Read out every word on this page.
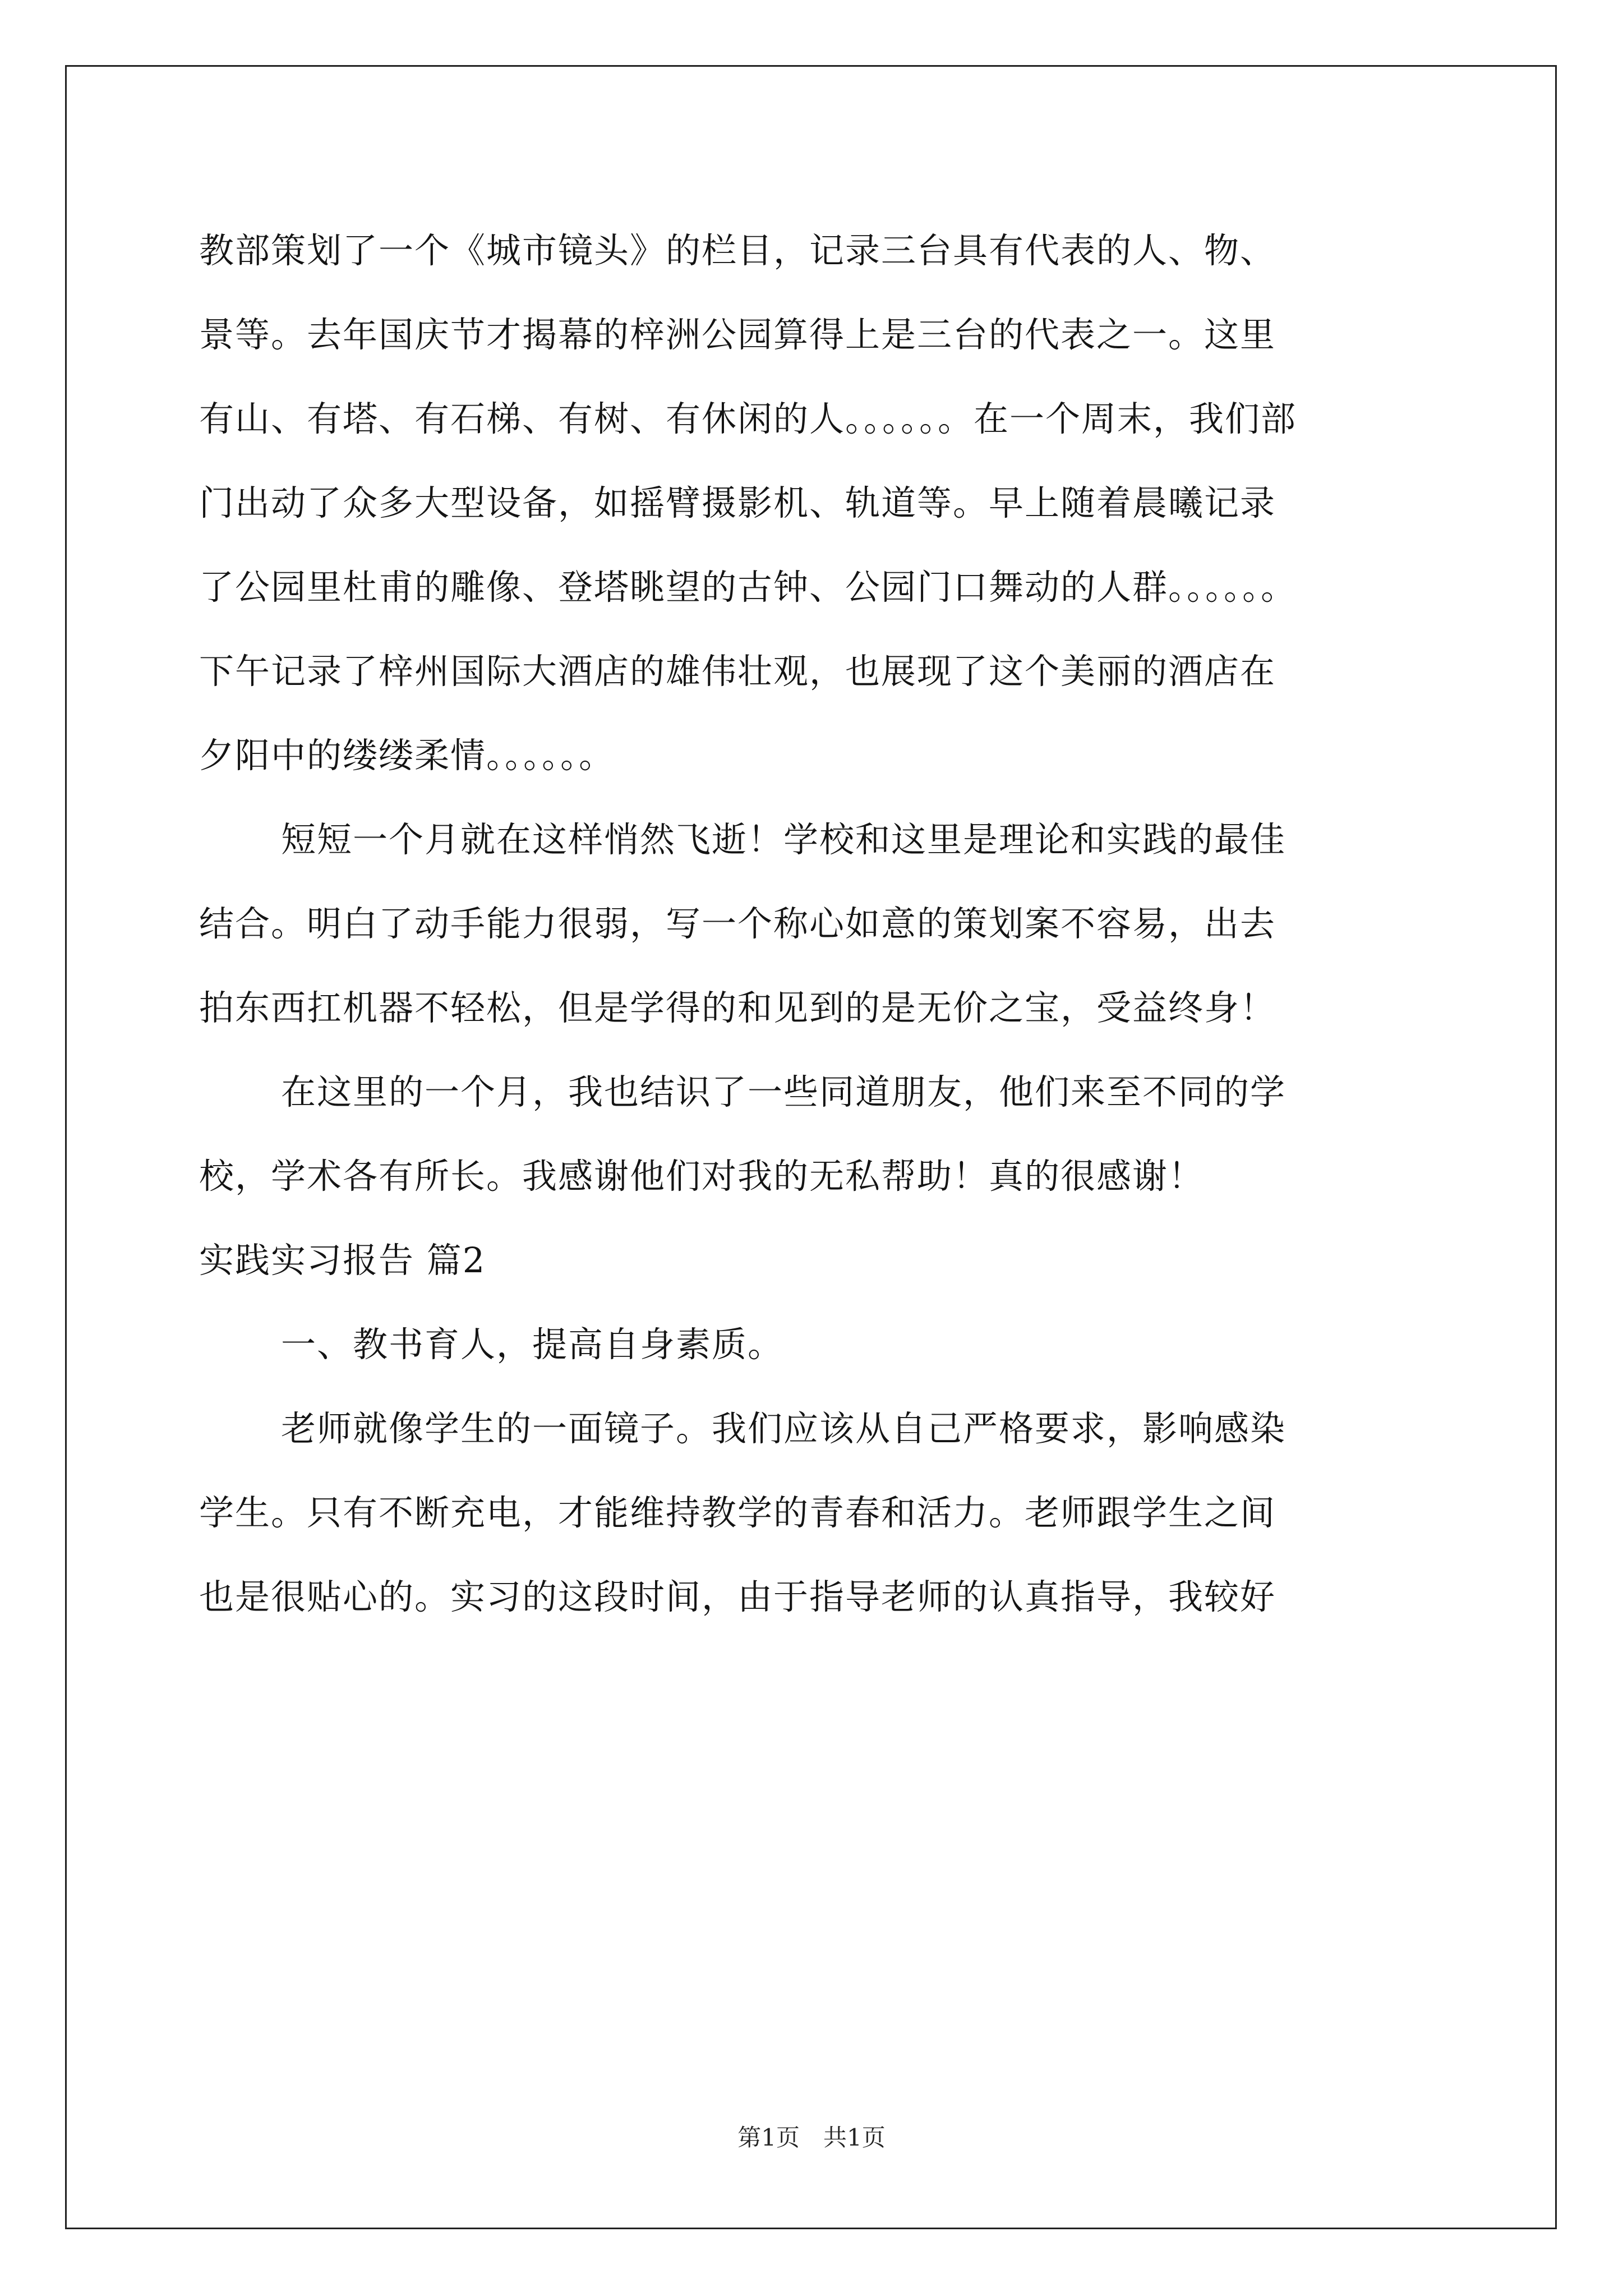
教部策划了一个《城市镜头》的栏目，记录三台具有代表的人、物、
景等。去年国庆节才揭幕的梓洲公园算得上是三台的代表之一。这里
有山、有塔、有石梯、有树、有休闲的人。。。。。。在一个周末，我们部
门出动了众多大型设备，如摇臂摄影机、轨道等。早上随着晨曦记录
了公园里杜甫的雕像、登塔眺望的古钟、公园门口舞动的人群。。。。。。
下午记录了梓州国际大酒店的雄伟壮观，也展现了这个美丽的酒店在
夕阳中的缕缕柔情。。。。。。
短短一个月就在这样悄然飞逝！学校和这里是理论和实践的最佳
结合。明白了动手能力很弱，写一个称心如意的策划案不容易，出去
拍东西扛机器不轻松，但是学得的和见到的是无价之宝，受益终身！
在这里的一个月，我也结识了一些同道朋友，他们来至不同的学
校，学术各有所长。我感谢他们对我的无私帮助！真的很感谢！
实践实习报告 篇2
一、教书育人，提高自身素质。
老师就像学生的一面镜子。我们应该从自己严格要求，影响感染
学生。只有不断充电，才能维持教学的青春和活力。老师跟学生之间
也是很贴心的。实习的这段时间，由于指导老师的认真指导，我较好
第1页　共1页
